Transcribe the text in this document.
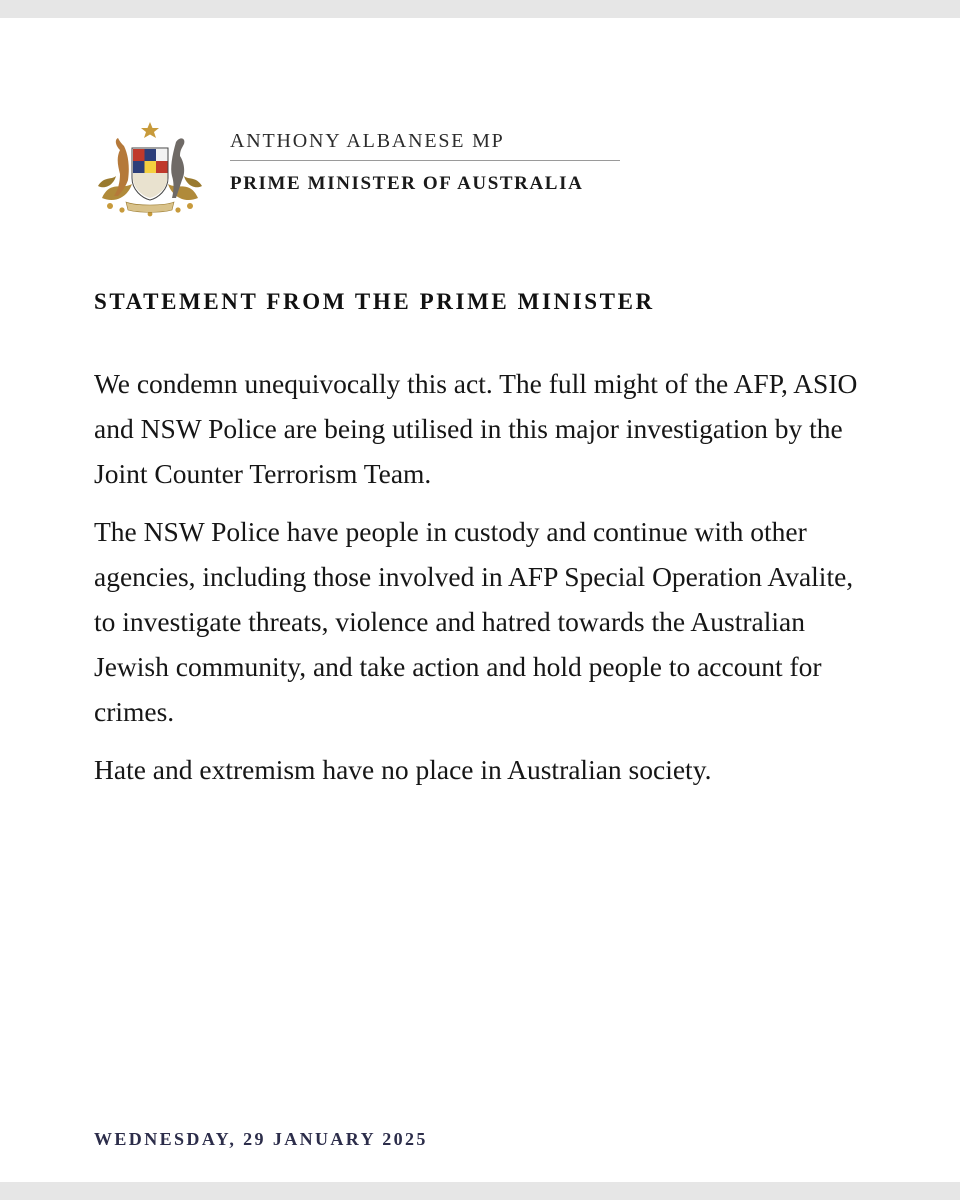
ANTHONY ALBANESE MP
PRIME MINISTER OF AUSTRALIA
STATEMENT FROM THE PRIME MINISTER

We condemn unequivocally this act. The full might of the AFP, ASIO and NSW Police are being utilised in this major investigation by the Joint Counter Terrorism Team.

The NSW Police have people in custody and continue with other agencies, including those involved in AFP Special Operation Avalite, to investigate threats, violence and hatred towards the Australian Jewish community, and take action and hold people to account for crimes.

Hate and extremism have no place in Australian society.

WEDNESDAY, 29 JANUARY 2025
